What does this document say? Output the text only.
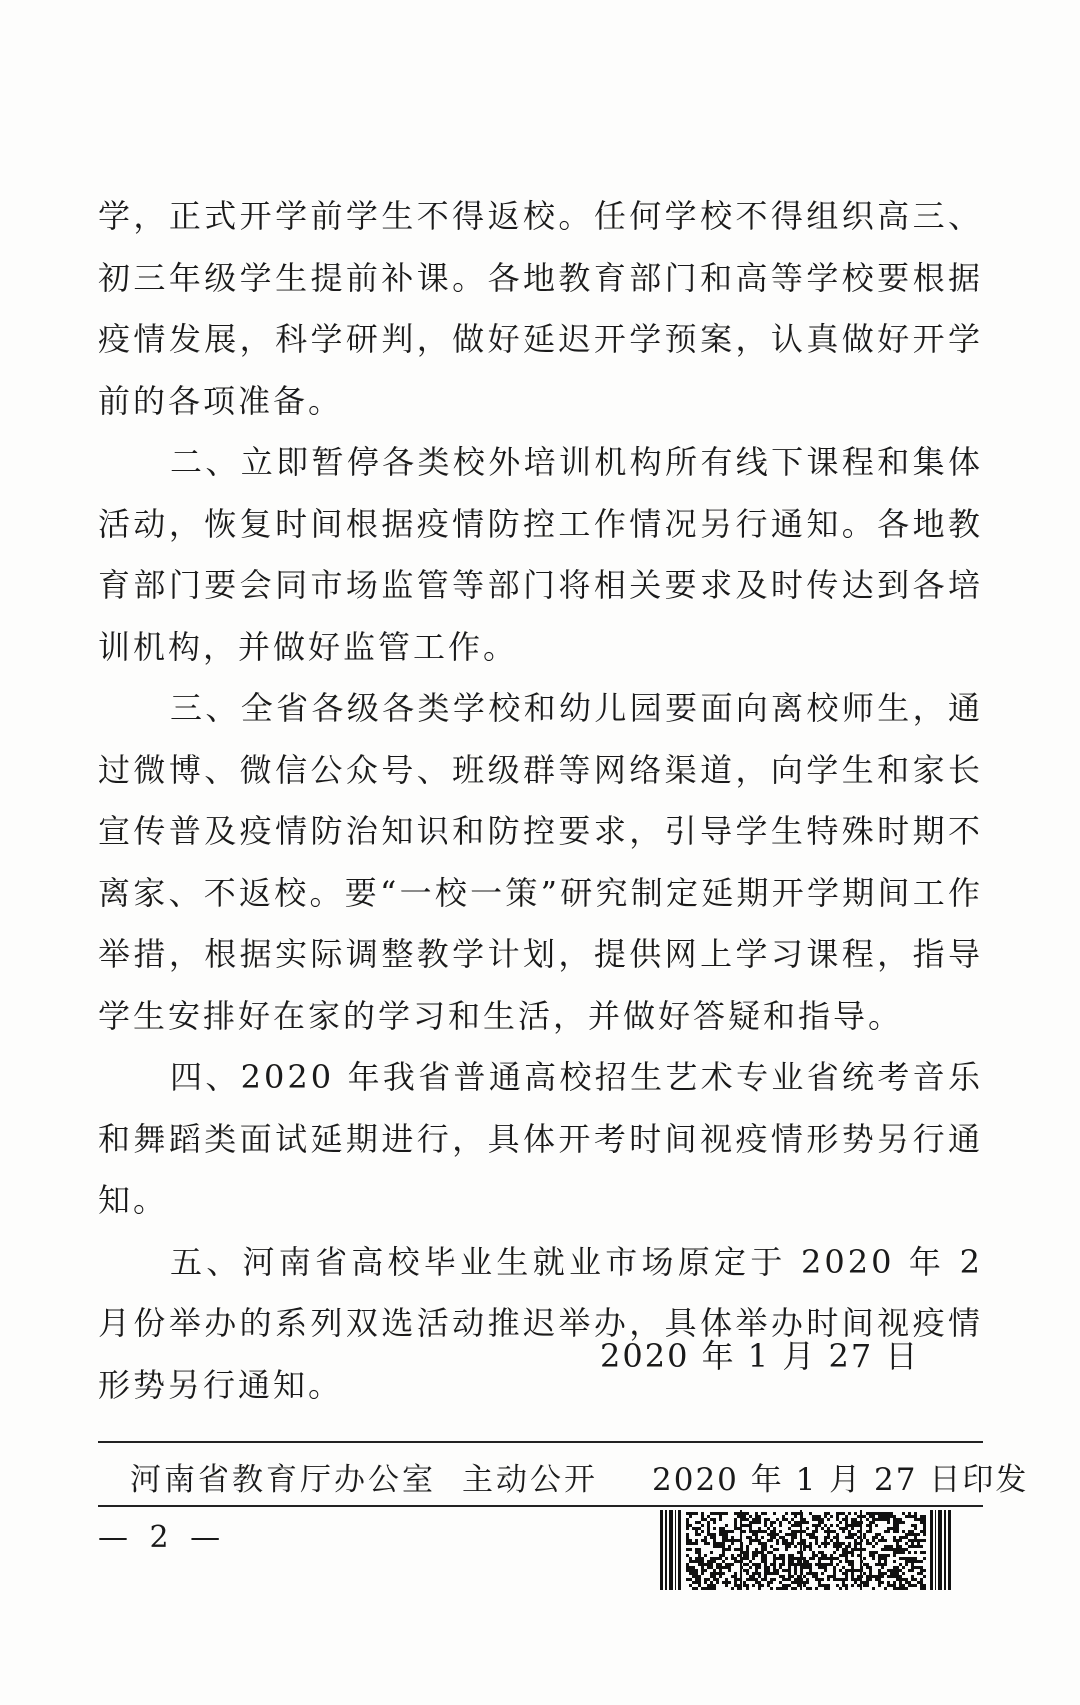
学，正式开学前学生不得返校。任何学校不得组织高三、初三年级学生提前补课。各地教育部门和高等学校要根据疫情发展，科学研判，做好延迟开学预案，认真做好开学前的各项准备。

二、立即暂停各类校外培训机构所有线下课程和集体活动，恢复时间根据疫情防控工作情况另行通知。各地教育部门要会同市场监管等部门将相关要求及时传达到各培训机构，并做好监管工作。

三、全省各级各类学校和幼儿园要面向离校师生，通过微博、微信公众号、班级群等网络渠道，向学生和家长宣传普及疫情防治知识和防控要求，引导学生特殊时期不离家、不返校。要“一校一策”研究制定延期开学期间工作举措，根据实际调整教学计划，提供网上学习课程，指导学生安排好在家的学习和生活，并做好答疑和指导。

四、2020 年我省普通高校招生艺术专业省统考音乐和舞蹈类面试延期进行，具体开考时间视疫情形势另行通知。

五、河南省高校毕业生就业市场原定于 2020 年 2 月份举办的系列双选活动推迟举办，具体举办时间视疫情形势另行通知。

2020 年 1 月 27 日
河南省教育厅办公室 主动公开 2020 年 1 月 27 日印发
— 2 —
